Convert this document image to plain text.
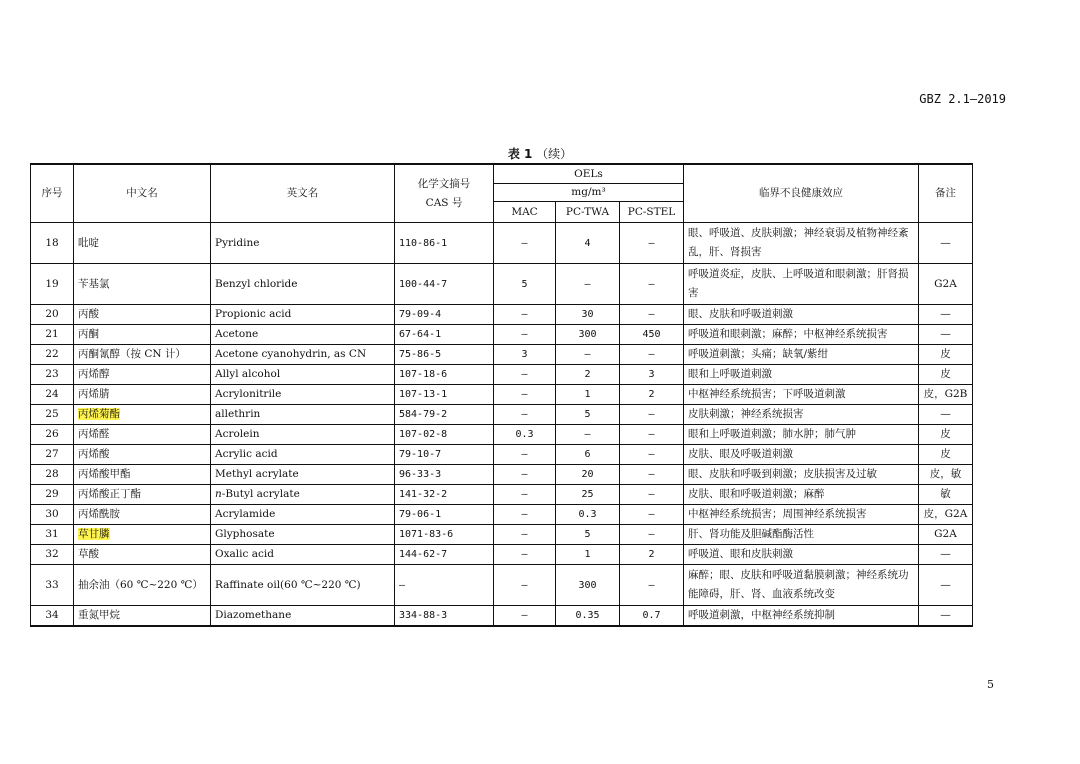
GBZ 2.1—2019
表 1 （续）
序号	中文名	英文名	化学文摘号
CAS 号	OELs			临界不良健康效应	备注
				mg/m³				
				MAC	PC-TWA	PC-STEL		
18	吡啶	Pyridine	110-86-1	—	4	—	眼、呼吸道、皮肤刺激；神经衰弱及植物神经紊乱，肝、肾损害	—
19	苄基氯	Benzyl chloride	100-44-7	5	—	—	呼吸道炎症，皮肤、上呼吸道和眼刺激；肝肾损害	G2A
20	丙酸	Propionic acid	79-09-4	—	30	—	眼、皮肤和呼吸道刺激	—
21	丙酮	Acetone	67-64-1	—	300	450	呼吸道和眼刺激；麻醉；中枢神经系统损害	—
22	丙酮氰醇（按 CN 计）	Acetone cyanohydrin, as CN	75-86-5	3	—	—	呼吸道刺激；头痛；缺氧/紫绀	皮
23	丙烯醇	Allyl alcohol	107-18-6	—	2	3	眼和上呼吸道刺激	皮
24	丙烯腈	Acrylonitrile	107-13-1	—	1	2	中枢神经系统损害；下呼吸道刺激	皮，G2B
25	丙烯菊酯	allethrin	584-79-2	—	5	—	皮肤刺激；神经系统损害	—
26	丙烯醛	Acrolein	107-02-8	0.3	—	—	眼和上呼吸道刺激；肺水肿；肺气肿	皮
27	丙烯酸	Acrylic acid	79-10-7	—	6	—	皮肤、眼及呼吸道刺激	皮
28	丙烯酸甲酯	Methyl acrylate	96-33-3	—	20	—	眼、皮肤和呼吸到刺激；皮肤损害及过敏	皮，敏
29	丙烯酸正丁酯	n-Butyl acrylate	141-32-2	—	25	—	皮肤、眼和呼吸道刺激；麻醉	敏
30	丙烯酰胺	Acrylamide	79-06-1	—	0.3	—	中枢神经系统损害；周围神经系统损害	皮，G2A
31	草甘膦	Glyphosate	1071-83-6	—	5	—	肝、肾功能及胆碱酯酶活性	G2A
32	草酸	Oxalic acid	144-62-7	—	1	2	呼吸道、眼和皮肤刺激	—
33	抽余油（60 ℃~220 ℃）	Raffinate oil(60 ℃~220 ℃)	—	—	300	—	麻醉；眼、皮肤和呼吸道黏膜刺激；神经系统功能障碍，肝、肾、血液系统改变	—
34	重氮甲烷	Diazomethane	334-88-3	—	0.35	0.7	呼吸道刺激，中枢神经系统抑制	—
5
